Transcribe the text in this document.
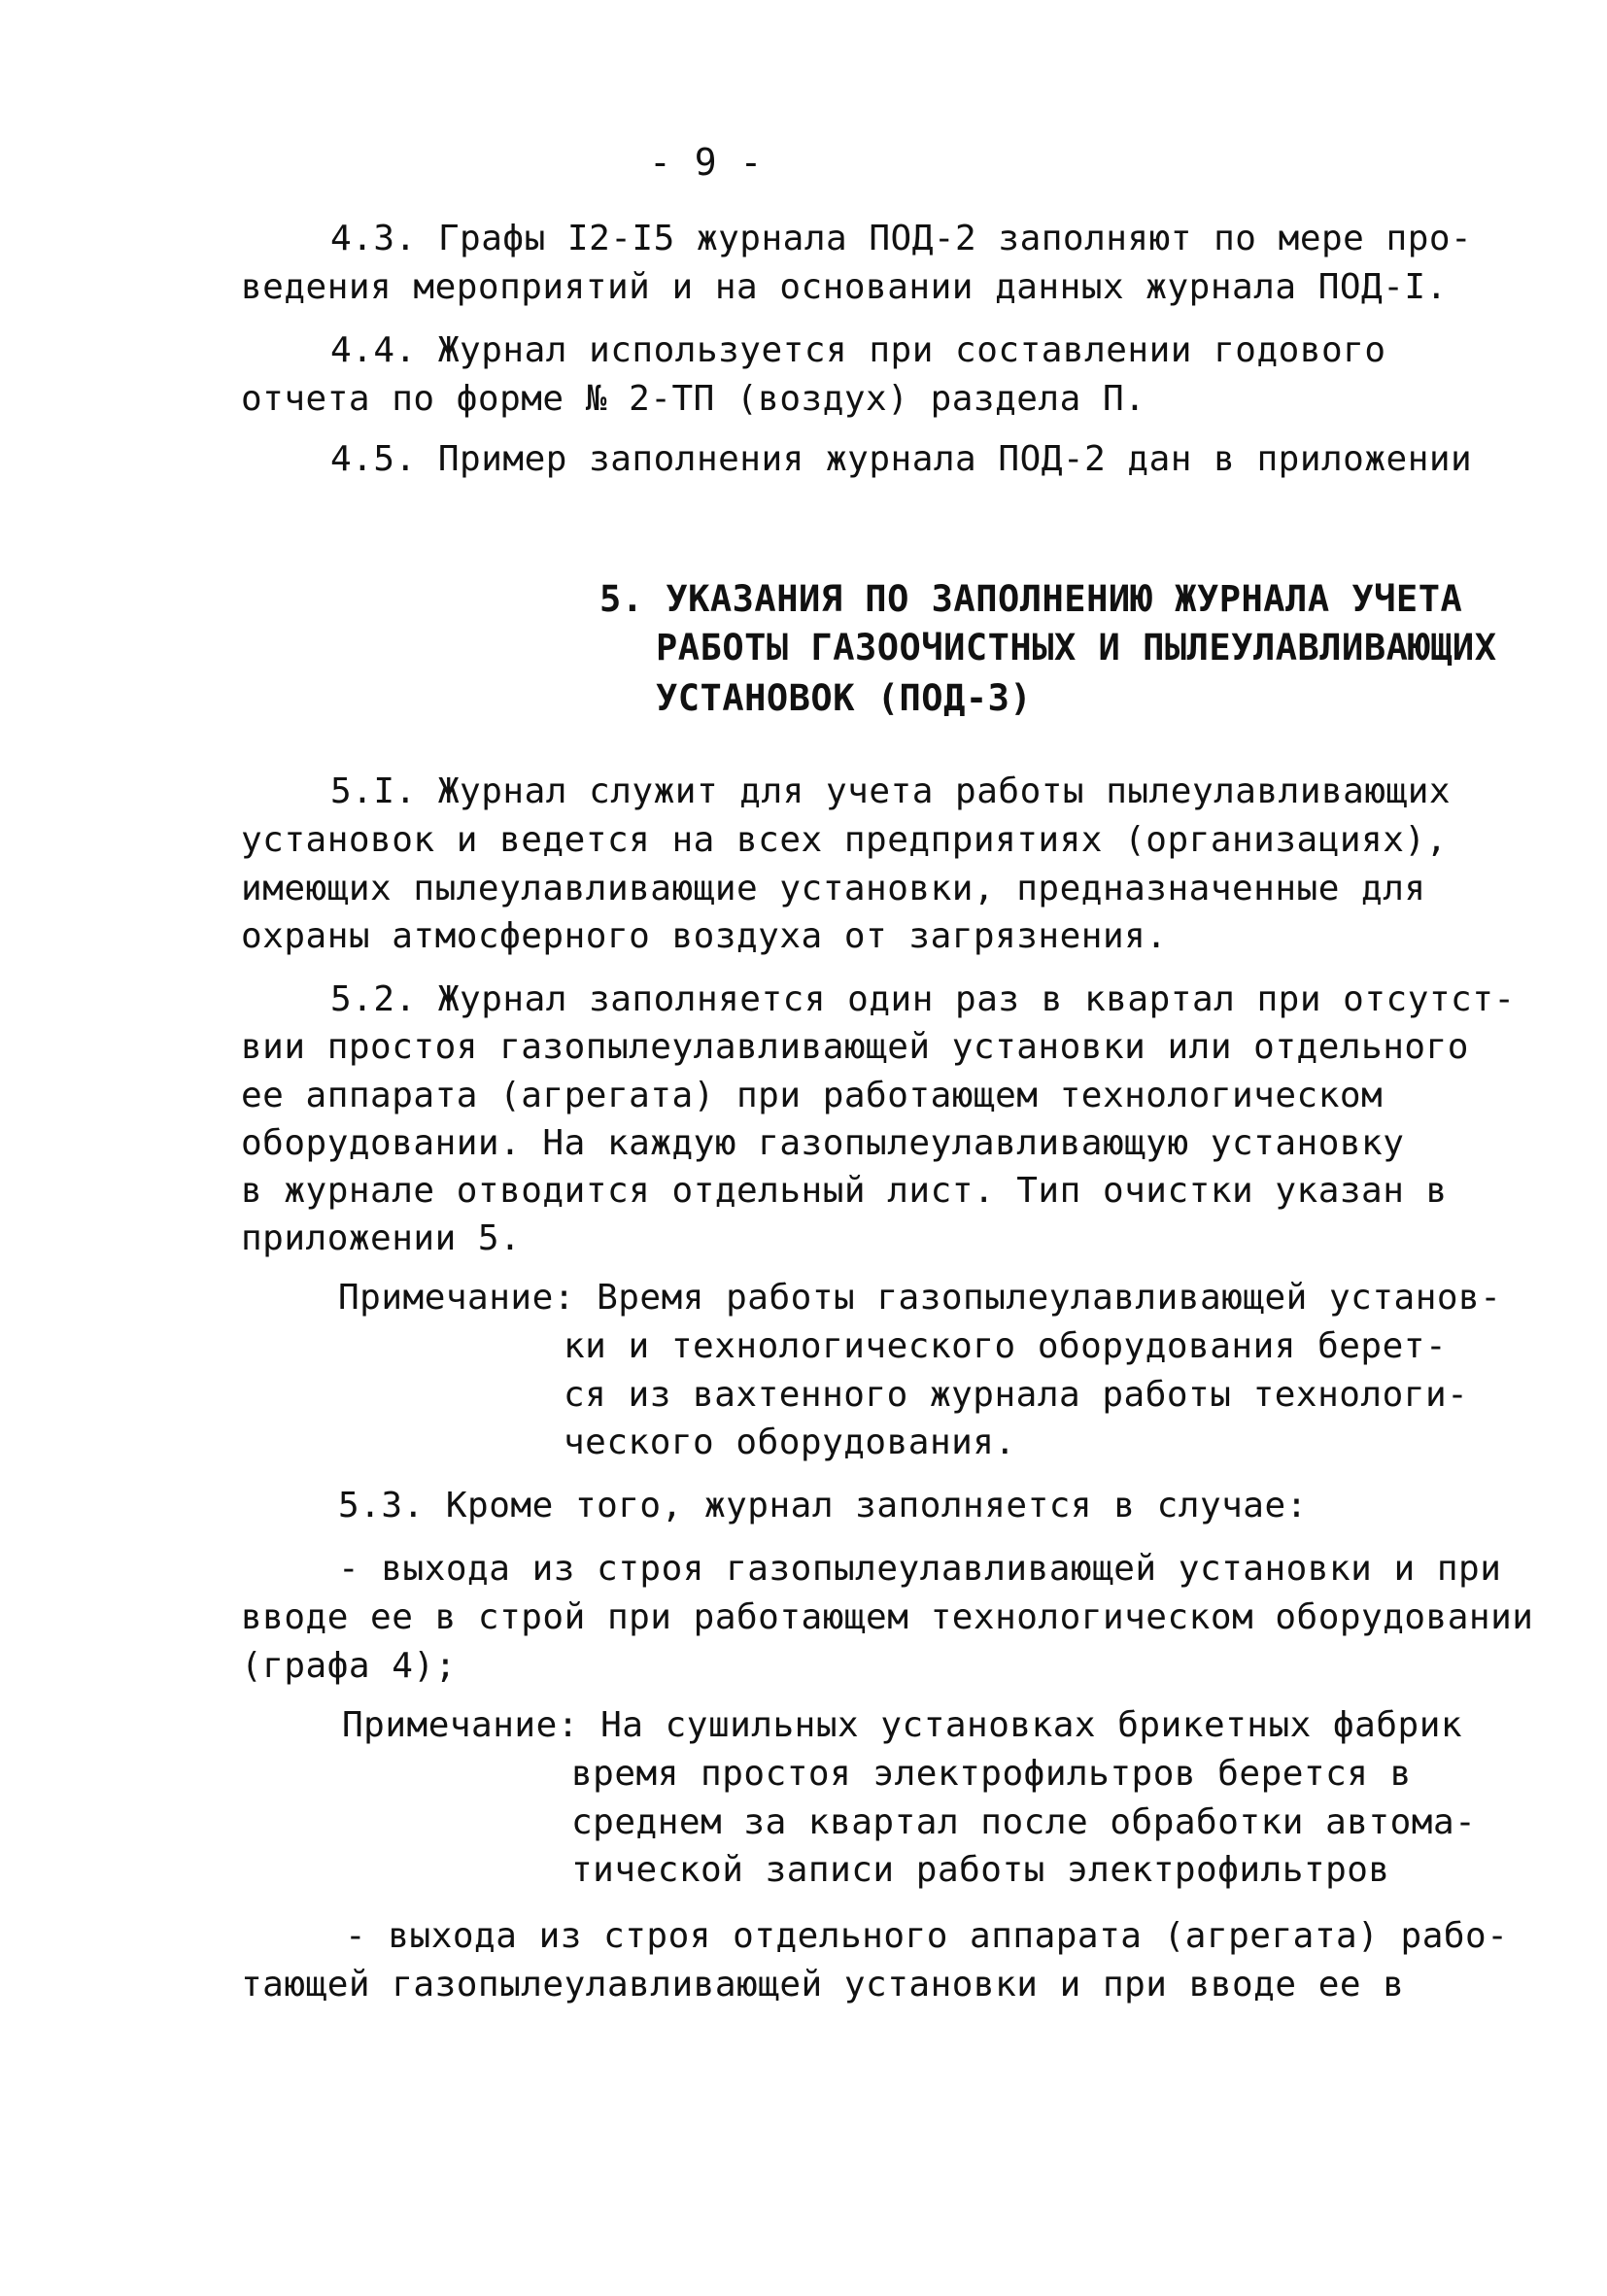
- 9 -
4.3. Графы I2-I5 журнала ПОД-2 заполняют по мере про-
ведения мероприятий и на основании данных журнала ПОД-I.
4.4. Журнал используется при составлении годового
отчета по форме № 2-ТП (воздух) раздела П.
4.5. Пример заполнения журнала ПОД-2 дан в приложении
5. УКАЗАНИЯ ПО ЗАПОЛНЕНИЮ ЖУРНАЛА УЧЕТА
РАБОТЫ ГАЗООЧИСТНЫХ И ПЫЛЕУЛАВЛИВАЮЩИХ
УСТАНОВОК (ПОД-3)
5.I. Журнал служит для учета работы пылеулавливающих
установок и ведется на всех предприятиях (организациях),
имеющих пылеулавливающие установки, предназначенные для
охраны атмосферного воздуха от загрязнения.
5.2. Журнал заполняется один раз в квартал при отсутст-
вии простоя газопылеулавливающей установки или отдельного
ее аппарата (агрегата) при работающем технологическом
оборудовании. На каждую газопылеулавливающую установку
в журнале отводится отдельный лист. Тип очистки указан в
приложении 5.
Примечание: Время работы газопылеулавливающей установ-
ки и технологического оборудования берет-
ся из вахтенного журнала работы технологи-
ческого оборудования.
5.3. Кроме того, журнал заполняется в случае:
- выхода из строя газопылеулавливающей установки и при
вводе ее в строй при работающем технологическом оборудовании
(графа 4);
Примечание: На сушильных установках брикетных фабрик
время простоя электрофильтров берется в
среднем за квартал после обработки автома-
тической записи работы электрофильтров
- выхода из строя отдельного аппарата (агрегата) рабо-
тающей газопылеулавливающей установки и при вводе ее в
